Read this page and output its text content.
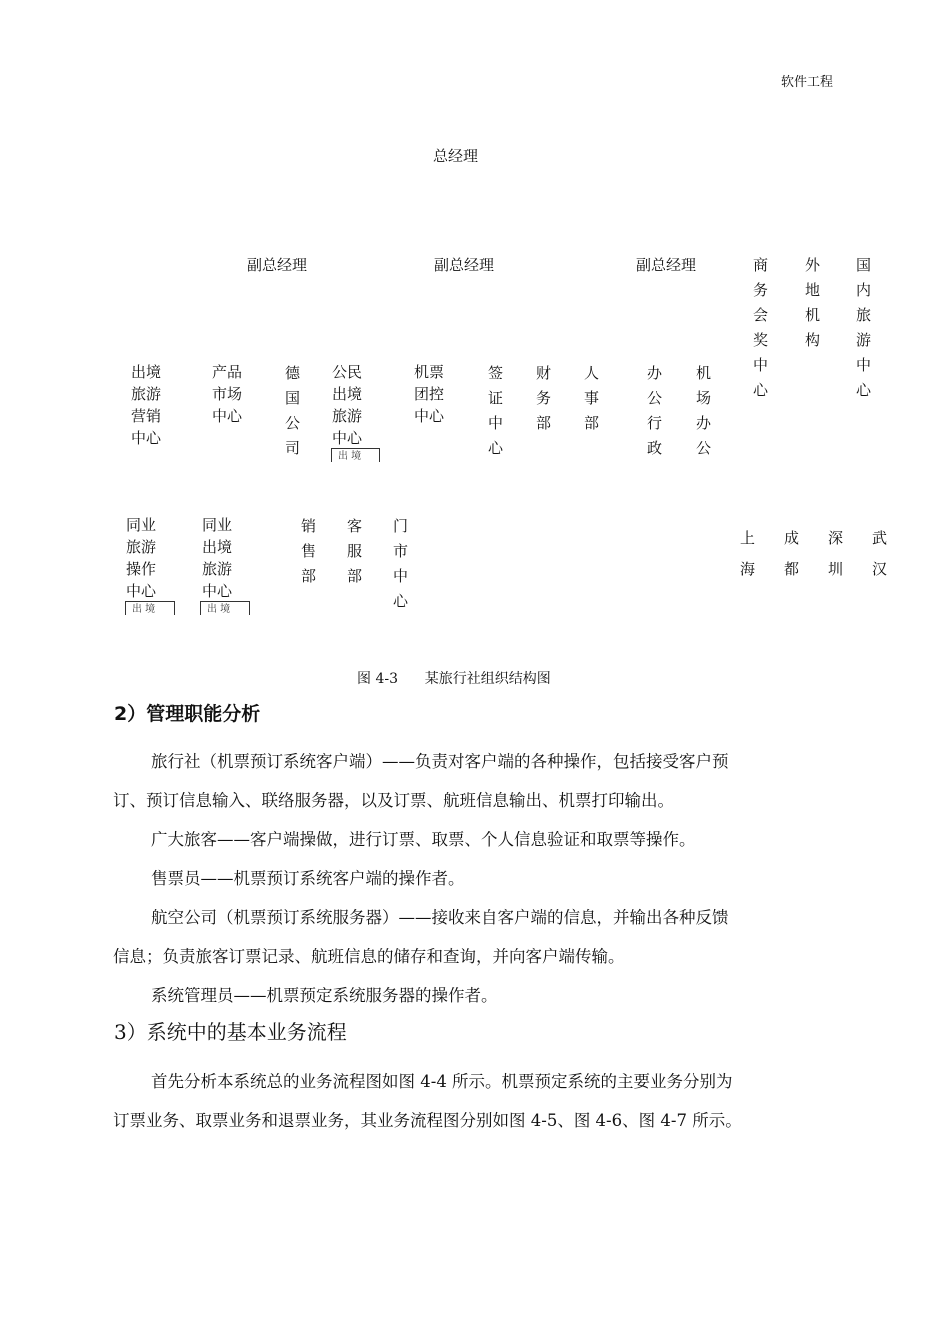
软件工程
总经理
副总经理	副总经理	副总经理	商
务
会
奖
中
心
外
地
机
构
国
内
旅
游
中
心
出境
旅游
营销
中心
产品
市场
中心
德
国
公
司
公民
出境
旅游
中心
出 境
机票
团控
中心
签
证
中
心
财
务
部
人
事
部
办
公
行
政
机
场
办
公
同业
旅游
操作
中心
出 境
同业
出境
旅游
中心
出 境
销
售
部
客
服
部
门
市
中
心
上
海
成
都
深
圳
武
汉
图 4-3      某旅行社组织结构图
2）管理职能分析
旅行社（机票预订系统客户端）——负责对客户端的各种操作，包括接受客户预
订、预订信息输入、联络服务器，以及订票、航班信息输出、机票打印输出。
广大旅客——客户端操做，进行订票、取票、个人信息验证和取票等操作。
售票员——机票预订系统客户端的操作者。
航空公司（机票预订系统服务器）——接收来自客户端的信息，并输出各种反馈
信息；负责旅客订票记录、航班信息的储存和查询，并向客户端传输。
系统管理员——机票预定系统服务器的操作者。
3）系统中的基本业务流程
首先分析本系统总的业务流程图如图 4-4 所示。机票预定系统的主要业务分别为
订票业务、取票业务和退票业务，其业务流程图分别如图 4-5、图 4-6、图 4-7 所示。
